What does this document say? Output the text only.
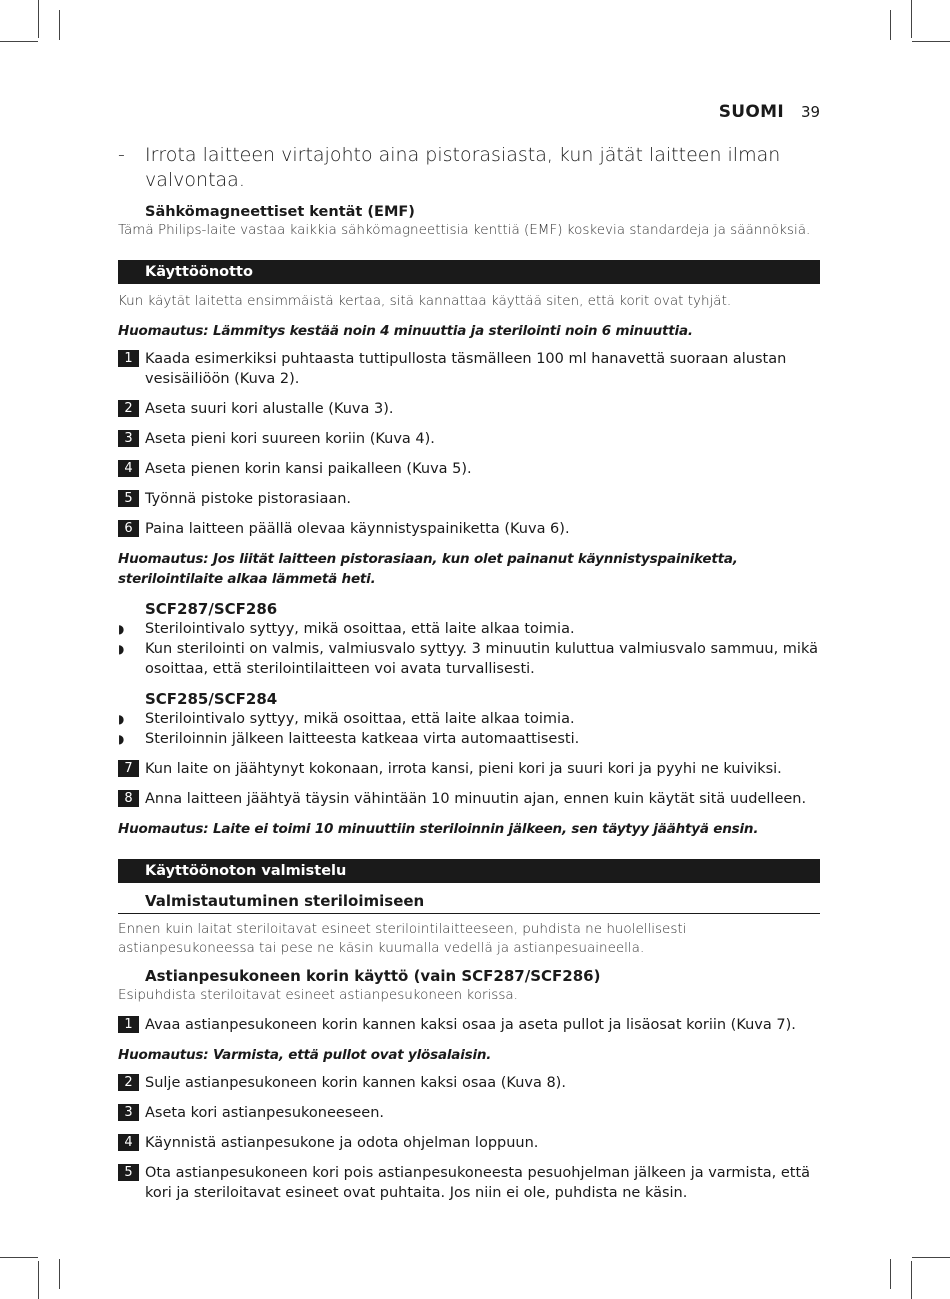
SUOMI 39
-	Irrota laitteen virtajohto aina pistorasiasta, kun jätät laitteen ilman valvontaa.
Sähkömagneettiset kentät (EMF)
Tämä Philips-laite vastaa kaikkia sähkömagneettisia kenttiä (EMF) koskevia standardeja ja säännöksiä.
Käyttöönotto
Kun käytät laitetta ensimmäistä kertaa, sitä kannattaa käyttää siten, että korit ovat tyhjät.
Huomautus: Lämmitys kestää noin 4 minuuttia ja sterilointi noin 6 minuuttia.
1 Kaada esimerkiksi puhtaasta tuttipullosta täsmälleen 100 ml hanavettä suoraan alustan vesisäiliöön (Kuva 2).
2 Aseta suuri kori alustalle (Kuva 3).
3 Aseta pieni kori suureen koriin (Kuva 4).
4 Aseta pienen korin kansi paikalleen (Kuva 5).
5 Työnnä pistoke pistorasiaan.
6 Paina laitteen päällä olevaa käynnistyspainiketta (Kuva 6).
Huomautus: Jos liität laitteen pistorasiaan, kun olet painanut käynnistyspainiketta, sterilointilaite alkaa lämmetä heti.
SCF287/SCF286
◗	Sterilointivalo syttyy, mikä osoittaa, että laite alkaa toimia.
◗	Kun sterilointi on valmis, valmiusvalo syttyy. 3 minuutin kuluttua valmiusvalo sammuu, mikä osoittaa, että sterilointilaitteen voi avata turvallisesti.
SCF285/SCF284
◗	Sterilointivalo syttyy, mikä osoittaa, että laite alkaa toimia.
◗	Steriloinnin jälkeen laitteesta katkeaa virta automaattisesti.
7 Kun laite on jäähtynyt kokonaan, irrota kansi, pieni kori ja suuri kori ja pyyhi ne kuiviksi.
8 Anna laitteen jäähtyä täysin vähintään 10 minuutin ajan, ennen kuin käytät sitä uudelleen.
Huomautus: Laite ei toimi 10 minuuttiin steriloinnin jälkeen, sen täytyy jäähtyä ensin.
Käyttöönoton valmistelu
Valmistautuminen steriloimiseen
Ennen kuin laitat steriloitavat esineet sterilointilaitteeseen, puhdista ne huolellisesti astianpesukoneessa tai pese ne käsin kuumalla vedellä ja astianpesuaineella.
Astianpesukoneen korin käyttö (vain SCF287/SCF286)
Esipuhdista steriloitavat esineet astianpesukoneen korissa.
1 Avaa astianpesukoneen korin kannen kaksi osaa ja aseta pullot ja lisäosat koriin (Kuva 7).
Huomautus: Varmista, että pullot ovat ylösalaisin.
2 Sulje astianpesukoneen korin kannen kaksi osaa (Kuva 8).
3 Aseta kori astianpesukoneeseen.
4 Käynnistä astianpesukone ja odota ohjelman loppuun.
5 Ota astianpesukoneen kori pois astianpesukoneesta pesuohjelman jälkeen ja varmista, että kori ja steriloitavat esineet ovat puhtaita. Jos niin ei ole, puhdista ne käsin.
